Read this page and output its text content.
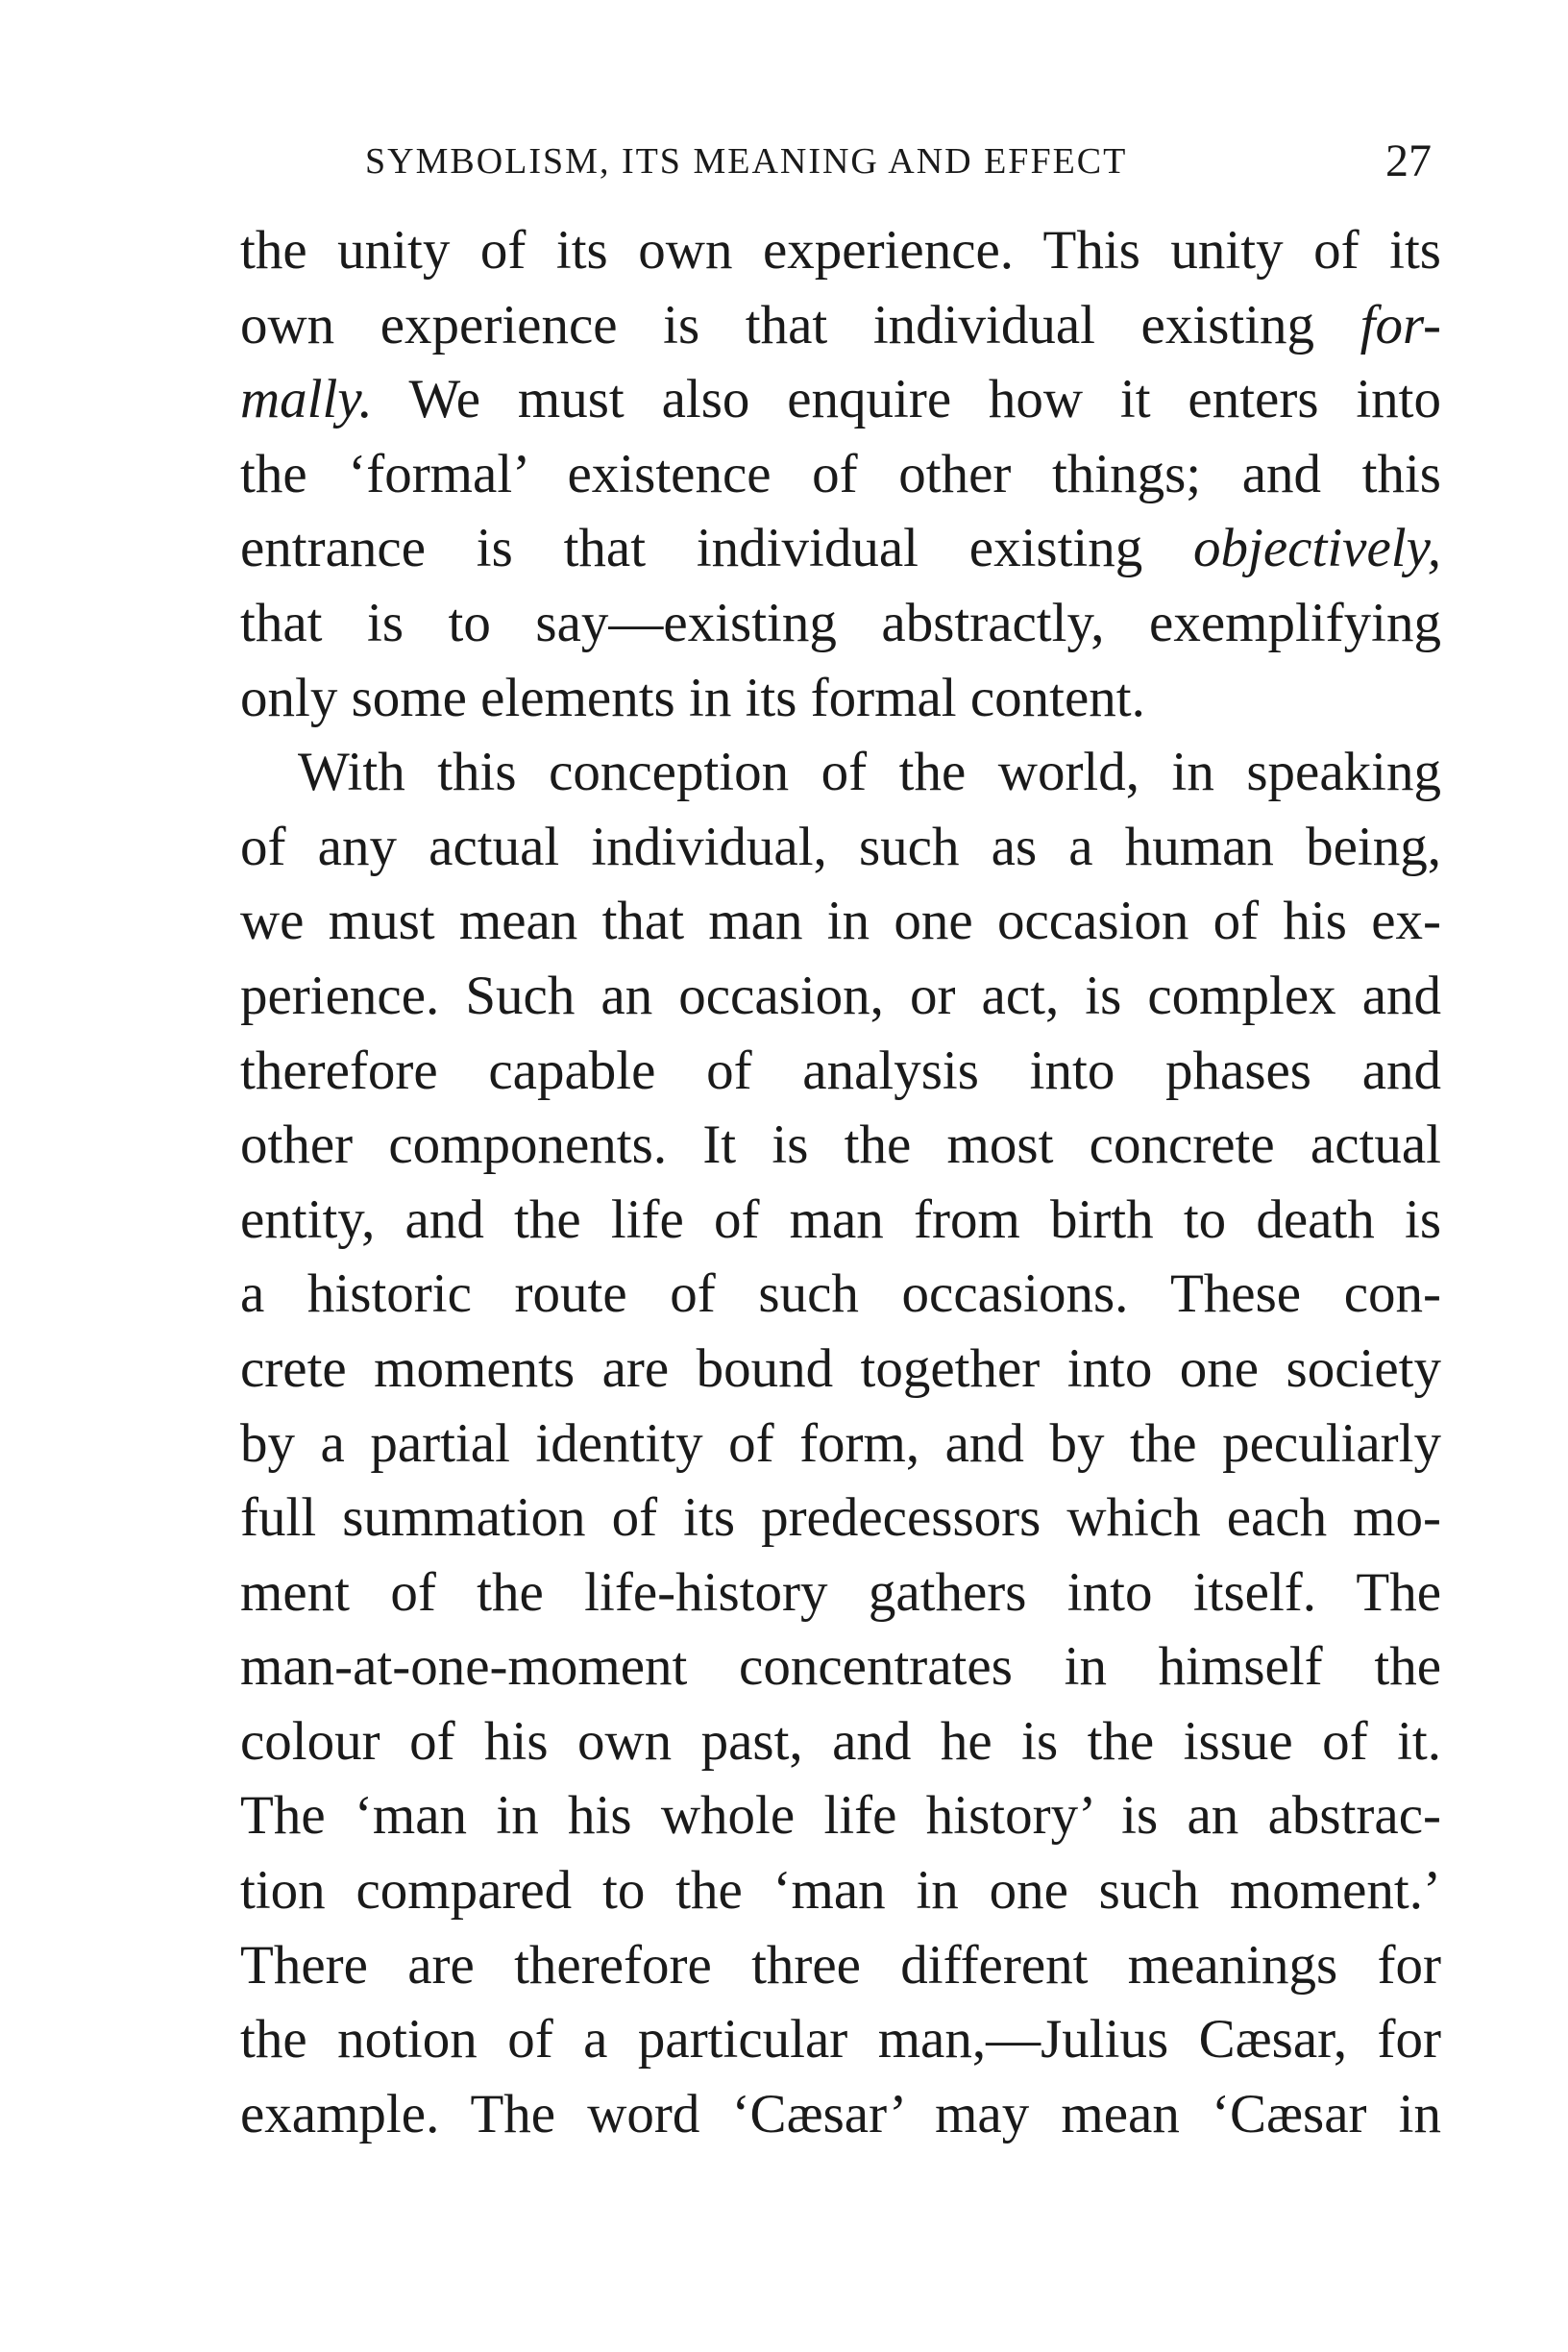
SYMBOLISM, ITS MEANING AND EFFECT	27
the unity of its own experience. This unity of its
own experience is that individual existing for-
mally. We must also enquire how it enters into
the ‘formal’ existence of other things; and this
entrance is that individual existing objectively,
that is to say—existing abstractly, exemplifying
only some elements in its formal content.
With this conception of the world, in speaking
of any actual individual, such as a human being,
we must mean that man in one occasion of his ex-
perience. Such an occasion, or act, is complex and
therefore capable of analysis into phases and
other components. It is the most concrete actual
entity, and the life of man from birth to death is
a historic route of such occasions. These con-
crete moments are bound together into one society
by a partial identity of form, and by the peculiarly
full summation of its predecessors which each mo-
ment of the life-history gathers into itself. The
man-at-one-moment concentrates in himself the
colour of his own past, and he is the issue of it.
The ‘man in his whole life history’ is an abstrac-
tion compared to the ‘man in one such moment.’
There are therefore three different meanings for
the notion of a particular man,—Julius Cæsar, for
example. The word ‘Cæsar’ may mean ‘Cæsar in
